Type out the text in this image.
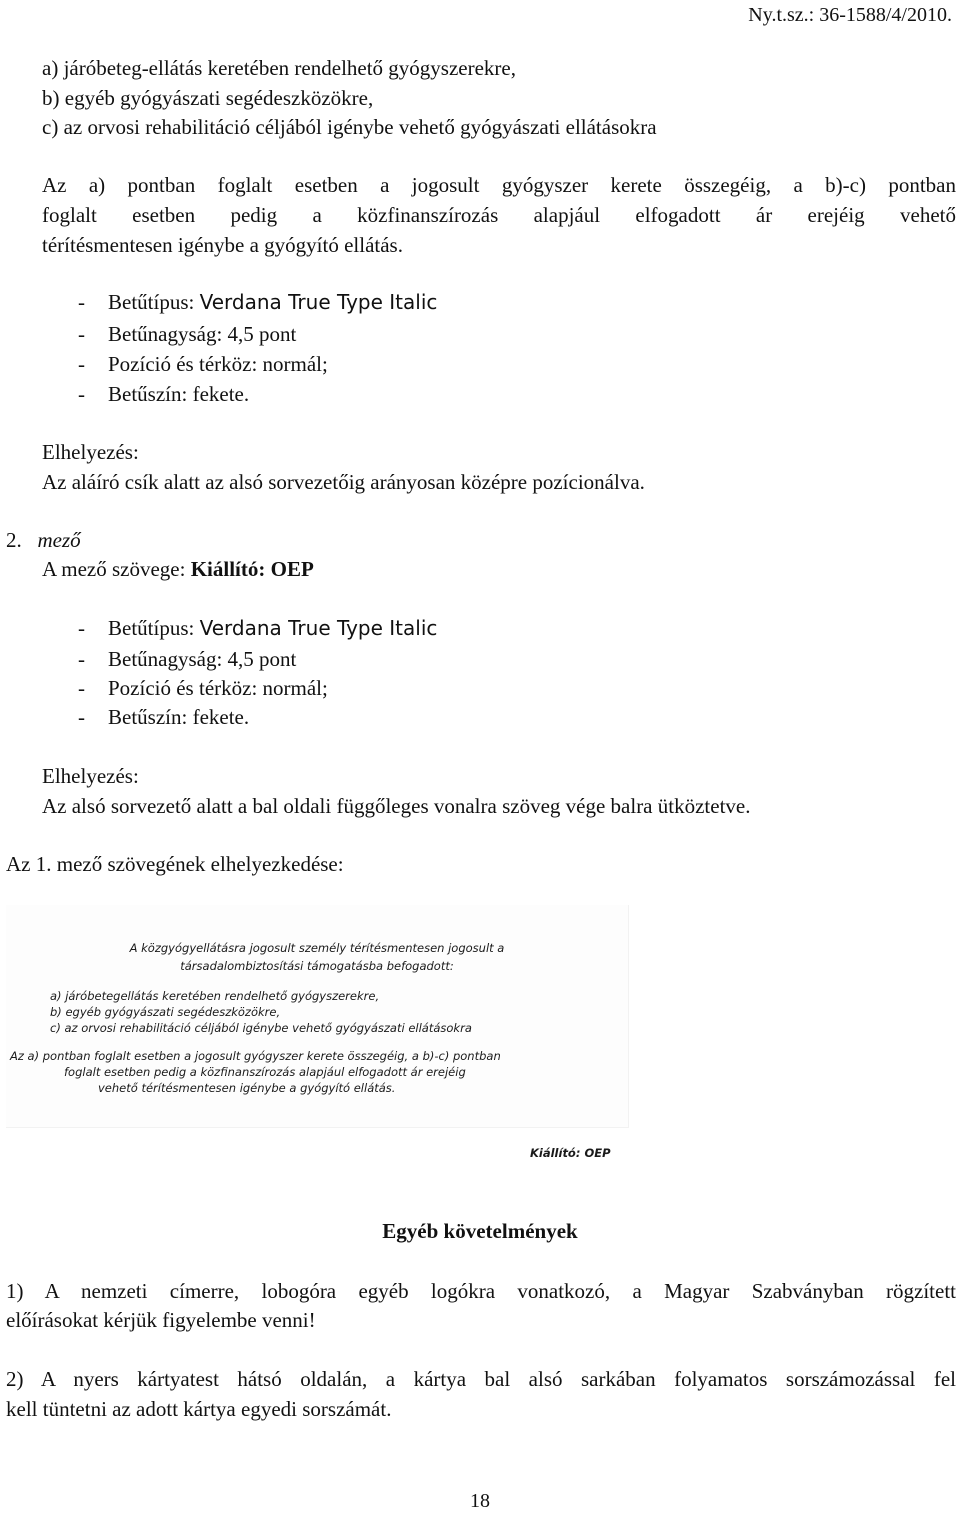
Ny.t.sz.: 36-1588/4/2010.
a) járóbeteg-ellátás keretében rendelhető gyógyszerekre,
b) egyéb gyógyászati segédeszközökre,
c) az orvosi rehabilitáció céljából igénybe vehető gyógyászati ellátásokra
Az a) pontban foglalt esetben a jogosult gyógyszer kerete összegéig, a b)-c) pontban
foglalt esetben pedig a közfinanszírozás alapjául elfogadott ár erejéig vehető
térítésmentesen igénybe a gyógyító ellátás.
- Betűtípus: Verdana True Type Italic
- Betűnagyság: 4,5 pont
- Pozíció és térköz: normál;
- Betűszín: fekete.
Elhelyezés:
Az aláíró csík alatt az alsó sorvezetőig arányosan középre pozícionálva.
2. mező
A mező szövege: Kiállító: OEP
- Betűtípus: Verdana True Type Italic
- Betűnagyság: 4,5 pont
- Pozíció és térköz: normál;
- Betűszín: fekete.
Elhelyezés:
Az alsó sorvezető alatt a bal oldali függőleges vonalra szöveg vége balra ütköztetve.
Az 1. mező szövegének elhelyezkedése:
A közgyógyellátásra jogosult személy térítésmentesen jogosult a
társadalombiztosítási támogatásba befogadott:
a) járóbetegellátás keretében rendelhető gyógyszerekre,
b) egyéb gyógyászati segédeszközökre,
c) az orvosi rehabilitáció céljából igénybe vehető gyógyászati ellátásokra
Az a) pontban foglalt esetben a jogosult gyógyszer kerete összegéig, a b)-c) pontban
foglalt esetben pedig a közfinanszírozás alapjául elfogadott ár erejéig
vehető térítésmentesen igénybe a gyógyító ellátás.
Kiállító: OEP
Egyéb követelmények
1) A nemzeti címerre, lobogóra egyéb logókra vonatkozó, a Magyar Szabványban rögzített
előírásokat kérjük figyelembe venni!
2) A nyers kártyatest hátsó oldalán, a kártya bal alsó sarkában folyamatos sorszámozással fel
kell tüntetni az adott kártya egyedi sorszámát.
18
